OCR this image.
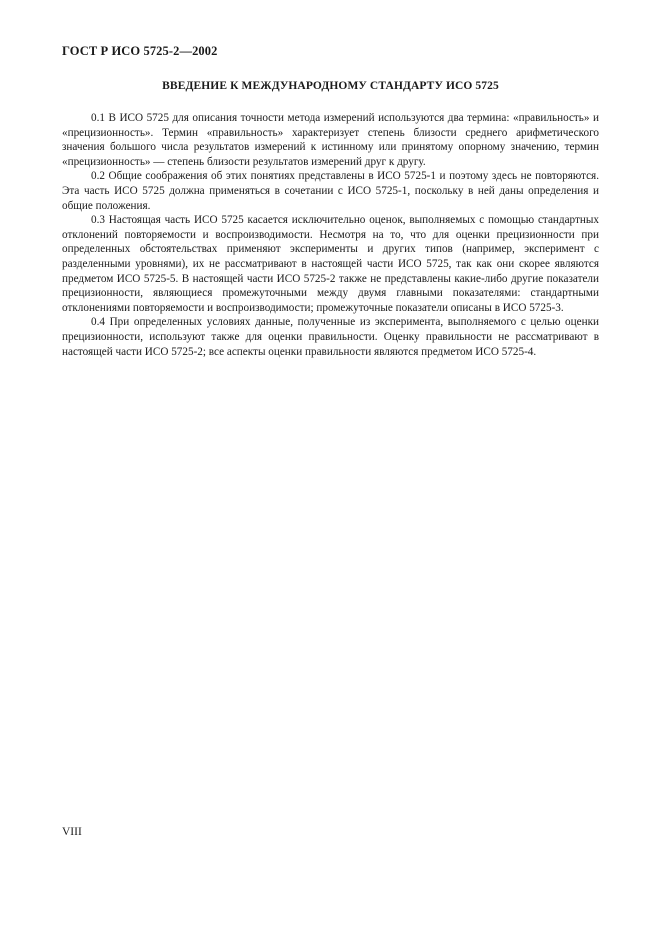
ГОСТ Р ИСО 5725-2—2002
ВВЕДЕНИЕ К МЕЖДУНАРОДНОМУ СТАНДАРТУ ИСО 5725

0.1 В ИСО 5725 для описания точности метода измерений используются два термина: «правильность» и «прецизионность». Термин «правильность» характеризует степень близости среднего арифметического значения большого числа результатов измерений к истинному или принятому опорному значению, термин «прецизионность» — степень близости результатов измерений друг к другу.

0.2 Общие соображения об этих понятиях представлены в ИСО 5725-1 и поэтому здесь не повторяются. Эта часть ИСО 5725 должна применяться в сочетании с ИСО 5725-1, поскольку в ней даны определения и общие положения.

0.3 Настоящая часть ИСО 5725 касается исключительно оценок, выполняемых с помощью стандартных отклонений повторяемости и воспроизводимости. Несмотря на то, что для оценки прецизионности при определенных обстоятельствах применяют эксперименты и других типов (например, эксперимент с разделенными уровнями), их не рассматривают в настоящей части ИСО 5725, так как они скорее являются предметом ИСО 5725-5. В настоящей части ИСО 5725-2 также не представлены какие-либо другие показатели прецизионности, являющиеся промежуточными между двумя главными показателями: стандартными отклонениями повторяемости и воспроизводимости; промежуточные показатели описаны в ИСО 5725-3.

0.4 При определенных условиях данные, полученные из эксперимента, выполняемого с целью оценки прецизионности, используют также для оценки правильности. Оценку правильности не рассматривают в настоящей части ИСО 5725-2; все аспекты оценки правильности являются предметом ИСО 5725-4.

VIII
